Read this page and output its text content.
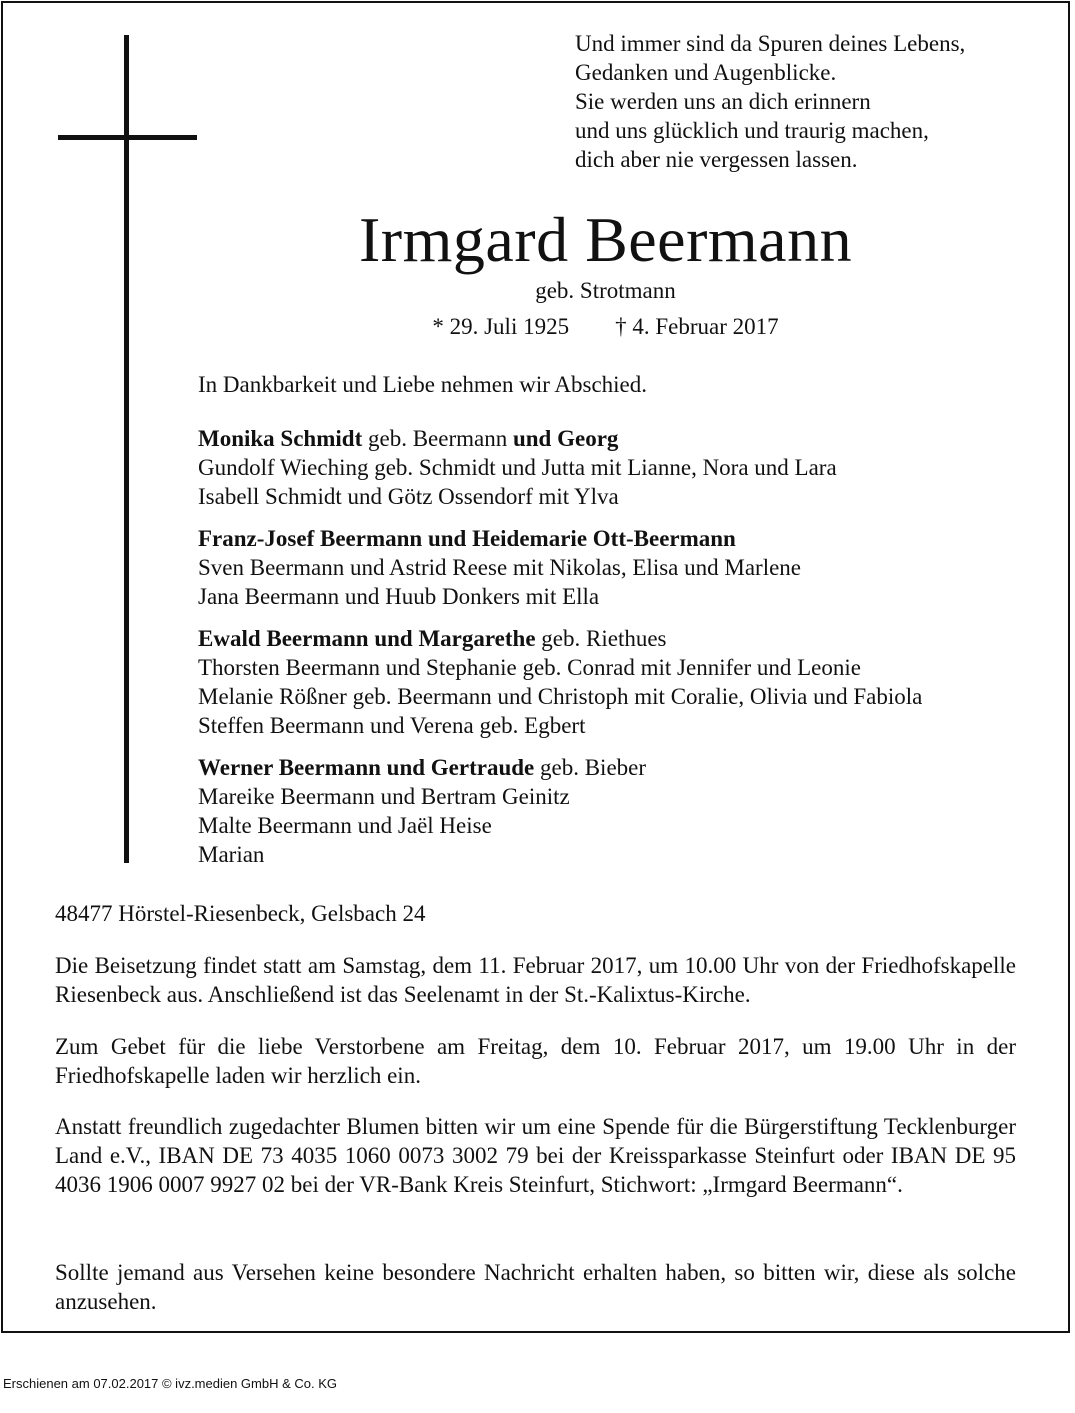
Und immer sind da Spuren deines Lebens,
Gedanken und Augenblicke.
Sie werden uns an dich erinnern
und uns glücklich und traurig machen,
dich aber nie vergessen lassen.
Irmgard Beermann
geb. Strotmann
* 29. Juli 1925 † 4. Februar 2017
In Dankbarkeit und Liebe nehmen wir Abschied.
Monika Schmidt geb. Beermann und Georg
Gundolf Wieching geb. Schmidt und Jutta mit Lianne, Nora und Lara
Isabell Schmidt und Götz Ossendorf mit Ylva
Franz-Josef Beermann und Heidemarie Ott-Beermann
Sven Beermann und Astrid Reese mit Nikolas, Elisa und Marlene
Jana Beermann und Huub Donkers mit Ella
Ewald Beermann und Margarethe geb. Riethues
Thorsten Beermann und Stephanie geb. Conrad mit Jennifer und Leonie
Melanie Rößner geb. Beermann und Christoph mit Coralie, Olivia und Fabiola
Steffen Beermann und Verena geb. Egbert
Werner Beermann und Gertraude geb. Bieber
Mareike Beermann und Bertram Geinitz
Malte Beermann und Jaël Heise
Marian
48477 Hörstel-Riesenbeck, Gelsbach 24
Die Beisetzung findet statt am Samstag, dem 11. Februar 2017, um 10.00 Uhr von der Friedhofskapelle Riesenbeck aus. Anschließend ist das Seelenamt in der St.-Kalixtus-Kirche.
Zum Gebet für die liebe Verstorbene am Freitag, dem 10. Februar 2017, um 19.00 Uhr in der Friedhofskapelle laden wir herzlich ein.
Anstatt freundlich zugedachter Blumen bitten wir um eine Spende für die Bürgerstiftung Tecklenburger Land e.V., IBAN DE 73 4035 1060 0073 3002 79 bei der Kreissparkasse Steinfurt oder IBAN DE 95 4036 1906 0007 9927 02 bei der VR-Bank Kreis Steinfurt, Stichwort: „Irmgard Beermann“.
Sollte jemand aus Versehen keine besondere Nachricht erhalten haben, so bitten wir, diese als solche anzusehen.
Erschienen am 07.02.2017 © ivz.medien GmbH & Co. KG
